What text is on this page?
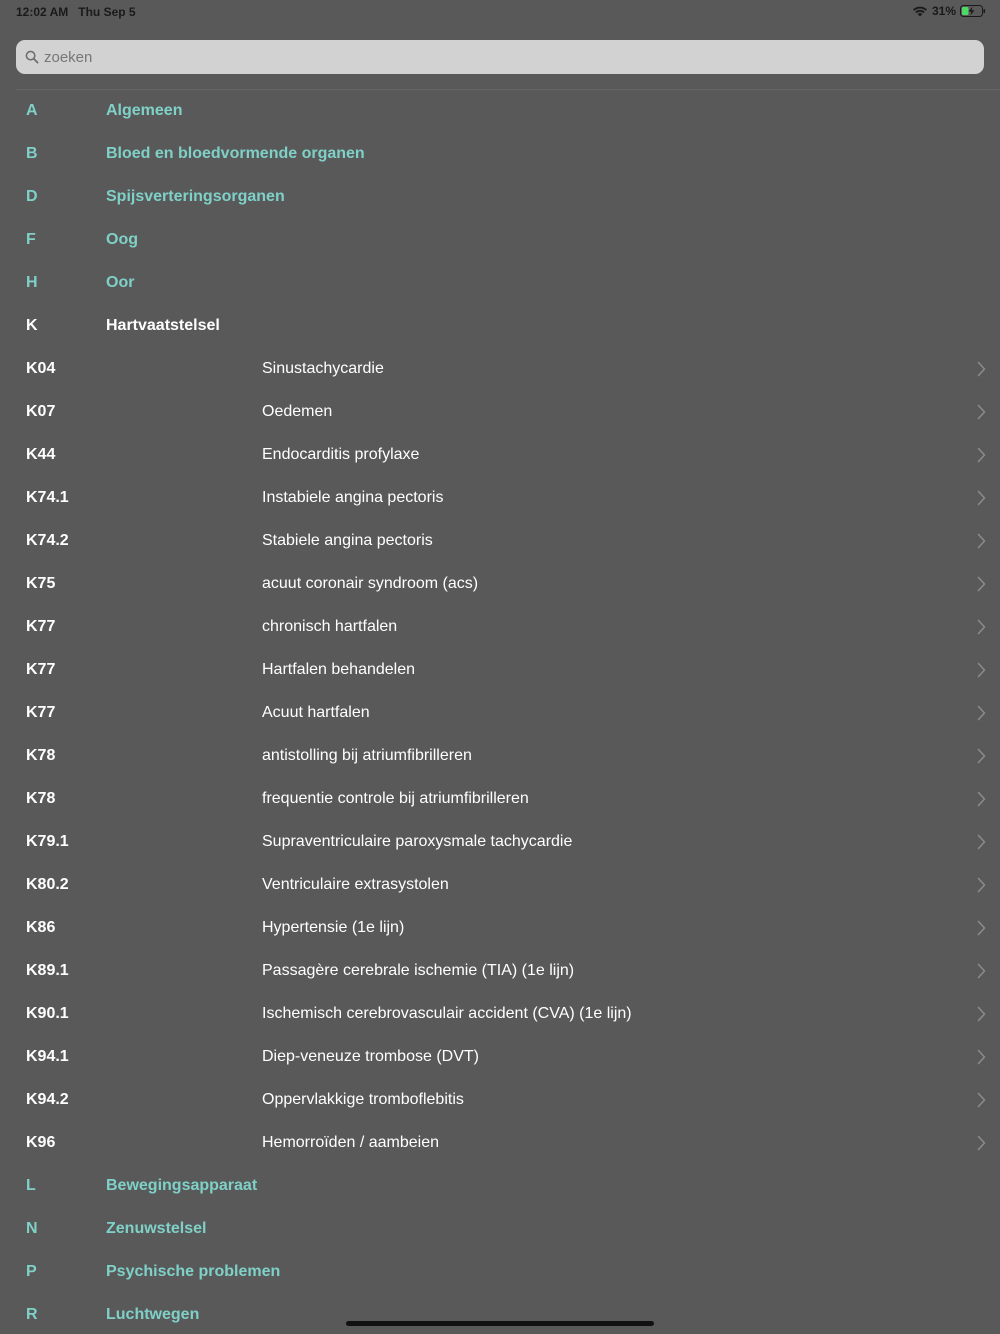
12:02 AM Thu Sep 5	31%
zoeken
A	Algemeen
B	Bloed en bloedvormende organen
D	Spijsverteringsorganen
F	Oog
H	Oor
K	Hartvaatstelsel
K04	Sinustachycardie
K07	Oedemen
K44	Endocarditis profylaxe
K74.1	Instabiele angina pectoris
K74.2	Stabiele angina pectoris
K75	acuut coronair syndroom (acs)
K77	chronisch hartfalen
K77	Hartfalen behandelen
K77	Acuut hartfalen
K78	antistolling bij atriumfibrilleren
K78	frequentie controle bij atriumfibrilleren
K79.1	Supraventriculaire paroxysmale tachycardie
K80.2	Ventriculaire extrasystolen
K86	Hypertensie (1e lijn)
K89.1	Passagère cerebrale ischemie (TIA) (1e lijn)
K90.1	Ischemisch cerebrovasculair accident (CVA) (1e lijn)
K94.1	Diep-veneuze trombose (DVT)
K94.2	Oppervlakkige tromboflebitis
K96	Hemorroïden / aambeien
L	Bewegingsapparaat
N	Zenuwstelsel
P	Psychische problemen
R	Luchtwegen
